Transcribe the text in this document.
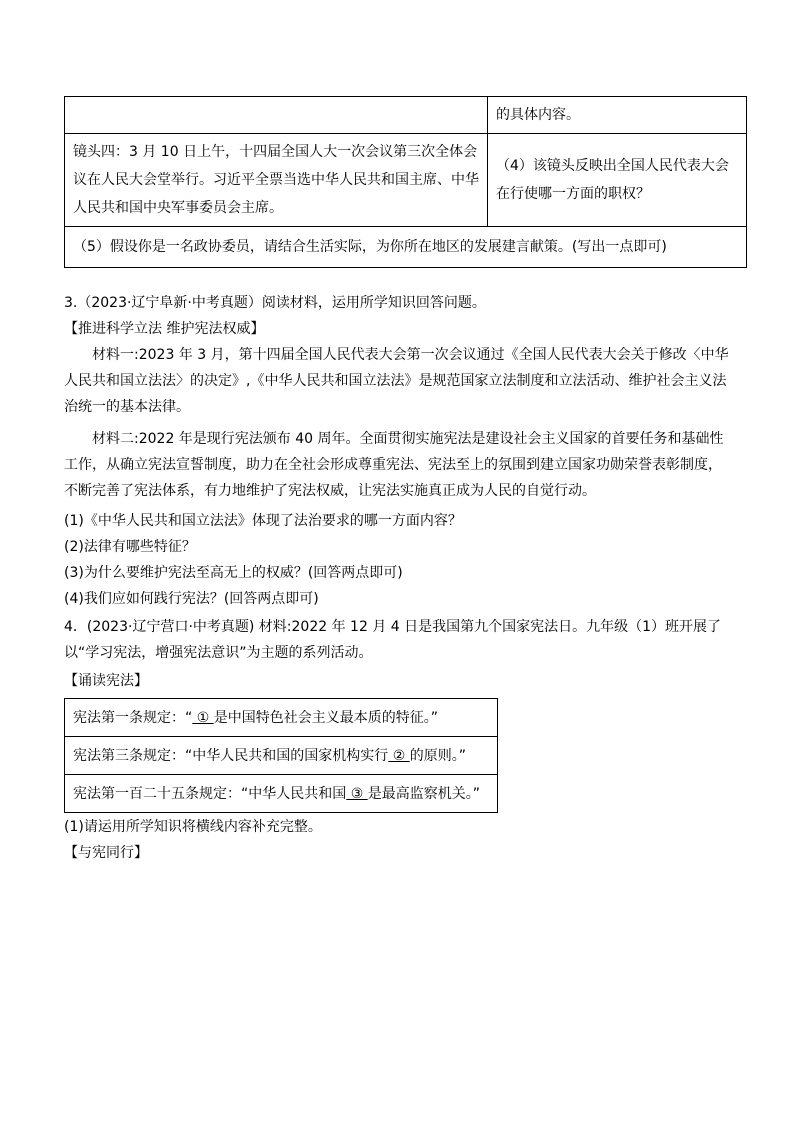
	的具体内容。
镜头四：3 月 10 日上午，十四届全国人大一次会议第三次全体会议在人民大会堂举行。习近平全票当选中华人民共和国主席、中华人民共和国中央军事委员会主席。	（4）该镜头反映出全国人民代表大会在行使哪一方面的职权？
（5）假设你是一名政协委员，请结合生活实际，为你所在地区的发展建言献策。(写出一点即可)	
3.（2023·辽宁阜新·中考真题）阅读材料，运用所学知识回答问题。
【推进科学立法 维护宪法权威】
材料一:2023 年 3 月，第十四届全国人民代表大会第一次会议通过《全国人民代表大会关于修改〈中华人民共和国立法法〉的决定》,《中华人民共和国立法法》是规范国家立法制度和立法活动、维护社会主义法治统一的基本法律。
材料二:2022 年是现行宪法颁布 40 周年。全面贯彻实施宪法是建设社会主义国家的首要任务和基础性工作，从确立宪法宣誓制度，助力在全社会形成尊重宪法、宪法至上的氛围到建立国家功勋荣誉表彰制度，不断完善了宪法体系，有力地维护了宪法权威，让宪法实施真正成为人民的自觉行动。
(1)《中华人民共和国立法法》体现了法治要求的哪一方面内容？
(2)法律有哪些特征？
(3)为什么要维护宪法至高无上的权威？(回答两点即可)
(4)我们应如何践行宪法？(回答两点即可)
4．(2023·辽宁营口·中考真题) 材料:2022 年 12 月 4 日是我国第九个国家宪法日。九年级（1）班开展了以“学习宪法，增强宪法意识”为主题的系列活动。
【诵读宪法】
宪法第一条规定：“ ① 是中国特色社会主义最本质的特征。”
宪法第三条规定：“中华人民共和国的国家机构实行 ② 的原则。”
宪法第一百二十五条规定：“中华人民共和国 ③ 是最高监察机关。”
(1)请运用所学知识将横线内容补充完整。
【与宪同行】
